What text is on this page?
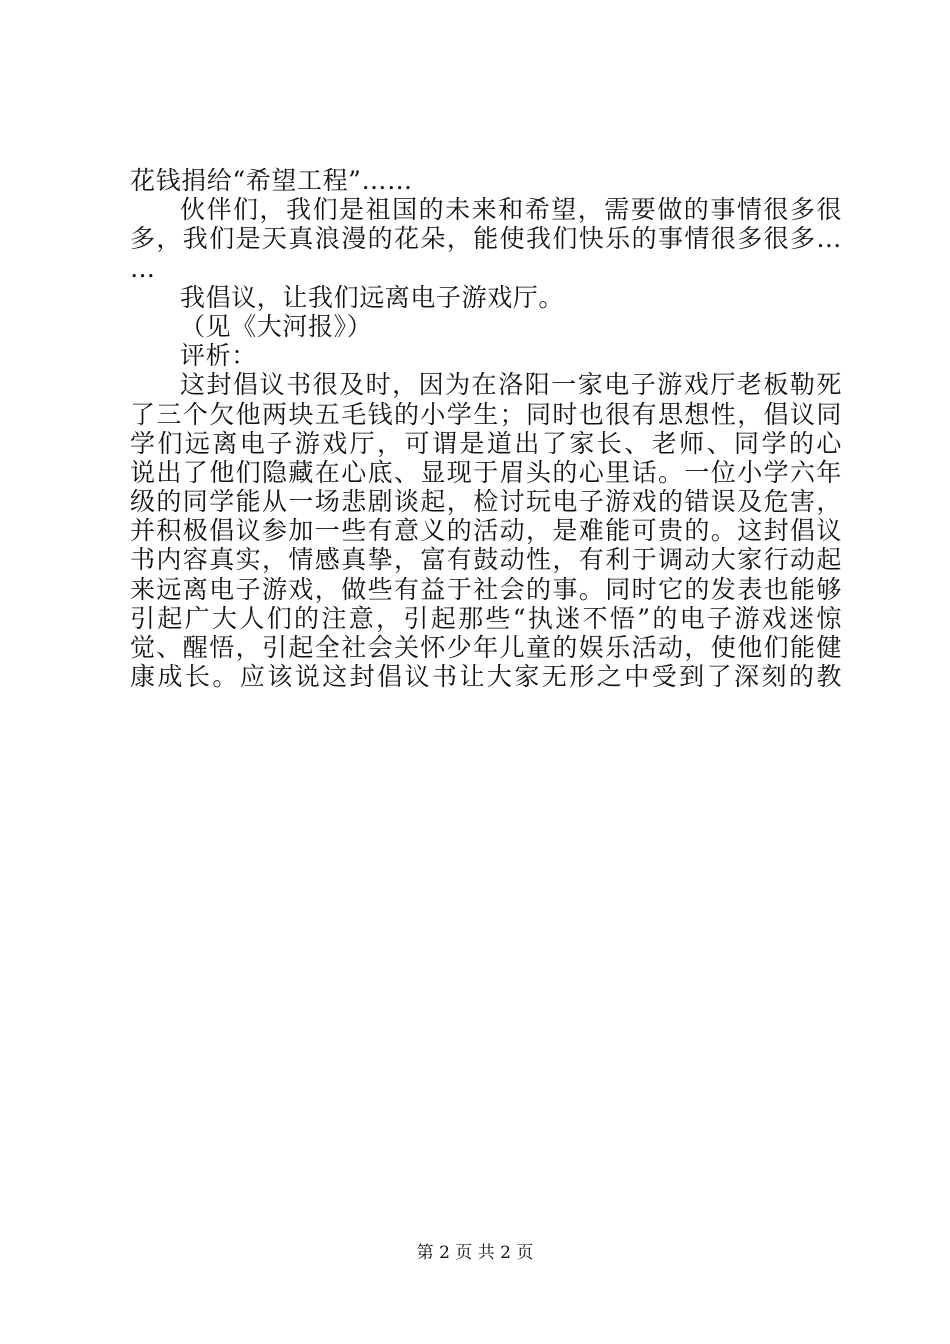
花钱捐给“希望工程”……
伙伴们，我们是祖国的未来和希望，需要做的事情很多很
多，我们是天真浪漫的花朵，能使我们快乐的事情很多很多…
…
我倡议，让我们远离电子游戏厅。
（见《大河报》）
评析：
这封倡议书很及时，因为在洛阳一家电子游戏厅老板勒死
了三个欠他两块五毛钱的小学生；同时也很有思想性，倡议同
学们远离电子游戏厅，可谓是道出了家长、老师、同学的心
说出了他们隐藏在心底、显现于眉头的心里话。一位小学六年
级的同学能从一场悲剧谈起，检讨玩电子游戏的错误及危害，
并积极倡议参加一些有意义的活动，是难能可贵的。这封倡议
书内容真实，情感真挚，富有鼓动性，有利于调动大家行动起
来远离电子游戏，做些有益于社会的事。同时它的发表也能够
引起广大人们的注意，引起那些“执迷不悟”的电子游戏迷惊
觉、醒悟，引起全社会关怀少年儿童的娱乐活动，使他们能健
康成长。应该说这封倡议书让大家无形之中受到了深刻的教
第 2 页 共 2 页
